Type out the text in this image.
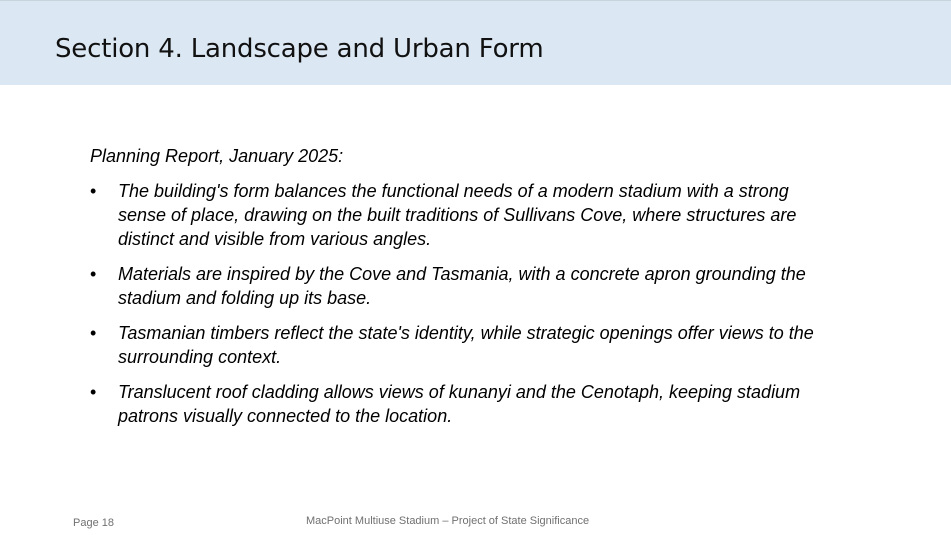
Section 4. Landscape and Urban Form

Planning Report, January 2025:

• The building's form balances the functional needs of a modern stadium with a strong sense of place, drawing on the built traditions of Sullivans Cove, where structures are distinct and visible from various angles.
• Materials are inspired by the Cove and Tasmania, with a concrete apron grounding the stadium and folding up its base.
• Tasmanian timbers reflect the state's identity, while strategic openings offer views to the surrounding context.
• Translucent roof cladding allows views of kunanyi and the Cenotaph, keeping stadium patrons visually connected to the location.
Page 18	MacPoint Multiuse Stadium – Project of State Significance
